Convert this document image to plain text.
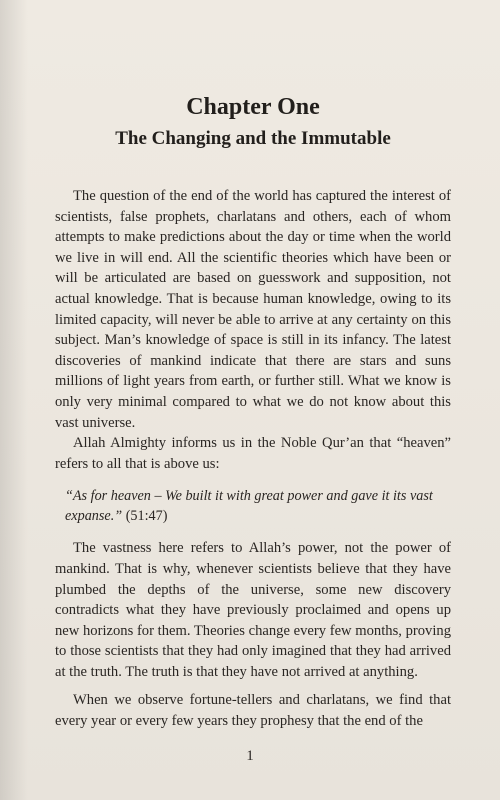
Chapter One
The Changing and the Immutable

The question of the end of the world has captured the interest of scientists, false prophets, charlatans and others, each of whom attempts to make predictions about the day or time when the world we live in will end. All the scientific theories which have been or will be articulated are based on guesswork and supposition, not actual knowledge. That is because human knowledge, owing to its limited capacity, will never be able to arrive at any certainty on this subject. Man’s knowledge of space is still in its infancy. The latest discoveries of mankind indicate that there are stars and suns millions of light years from earth, or further still. What we know is only very minimal compared to what we do not know about this vast universe.

Allah Almighty informs us in the Noble Qur’an that “heaven” refers to all that is above us:

“As for heaven – We built it with great power and gave it its vast expanse.” (51:47)

The vastness here refers to Allah’s power, not the power of mankind. That is why, whenever scientists believe that they have plumbed the depths of the universe, some new discovery contradicts what they have previously proclaimed and opens up new horizons for them. Theories change every few months, proving to those scientists that they had only imagined that they had arrived at the truth. The truth is that they have not arrived at anything.

When we observe fortune-tellers and charlatans, we find that every year or every few years they prophesy that the end of the

1
